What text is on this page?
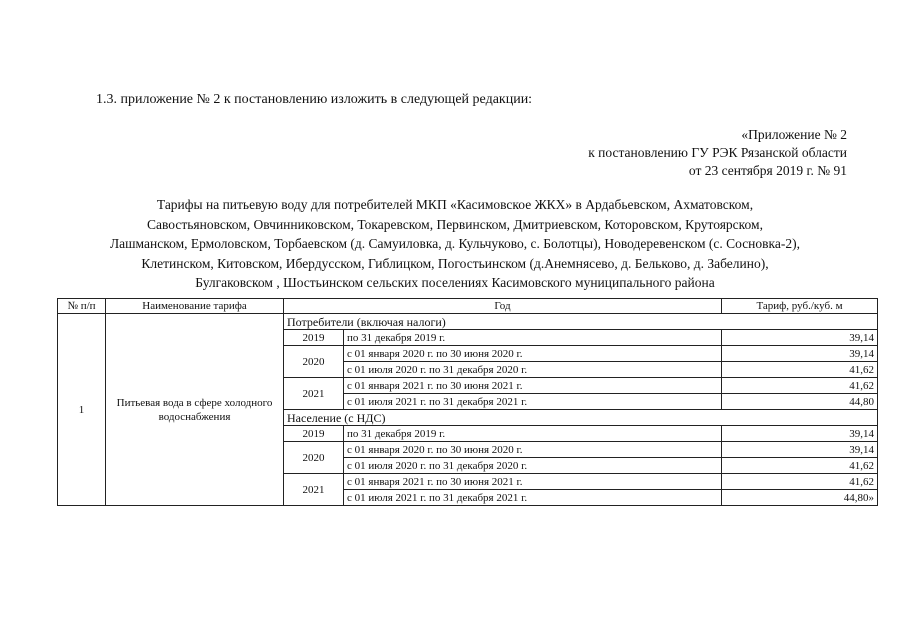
1.3. приложение № 2 к постановлению изложить в следующей редакции:
«Приложение № 2
к постановлению ГУ РЭК Рязанской области
от 23 сентября 2019 г. № 91
Тарифы на питьевую воду для потребителей МКП «Касимовское ЖКХ» в Ардабьевском, Ахматовском,
Савостьяновском, Овчинниковском, Токаревском, Первинском, Дмитриевском, Которовском, Крутоярском,
Лашманском, Ермоловском, Торбаевском (д. Самуиловка, д. Кульчуково, с. Болотцы), Новодеревенском (с. Сосновка-2),
Клетинском, Китовском, Ибердусском, Гиблицком, Погостьинском (д.Анемнясево, д. Бельково, д. Забелино),
Булгаковском , Шостьинском сельских поселениях Касимовского муниципального района
№ п/п	Наименование тарифа	Год		Тариф, руб./куб. м
1	Питьевая вода в сфере холодного водоснабжения	Потребители (включая налоги)		
		2019	по 31 декабря 2019 г.	39,14
		2020	с 01 января 2020 г. по 30 июня 2020 г.	39,14
			с 01 июля 2020 г. по 31 декабря 2020 г.	41,62
		2021	с 01 января 2021 г. по 30 июня 2021 г.	41,62
			с 01 июля 2021 г. по 31 декабря 2021 г.	44,80
		Население (с НДС)		
		2019	по 31 декабря 2019 г.	39,14
		2020	с 01 января 2020 г. по 30 июня 2020 г.	39,14
			с 01 июля 2020 г. по 31 декабря 2020 г.	41,62
		2021	с 01 января 2021 г. по 30 июня 2021 г.	41,62
			с 01 июля 2021 г. по 31 декабря 2021 г.	44,80»
